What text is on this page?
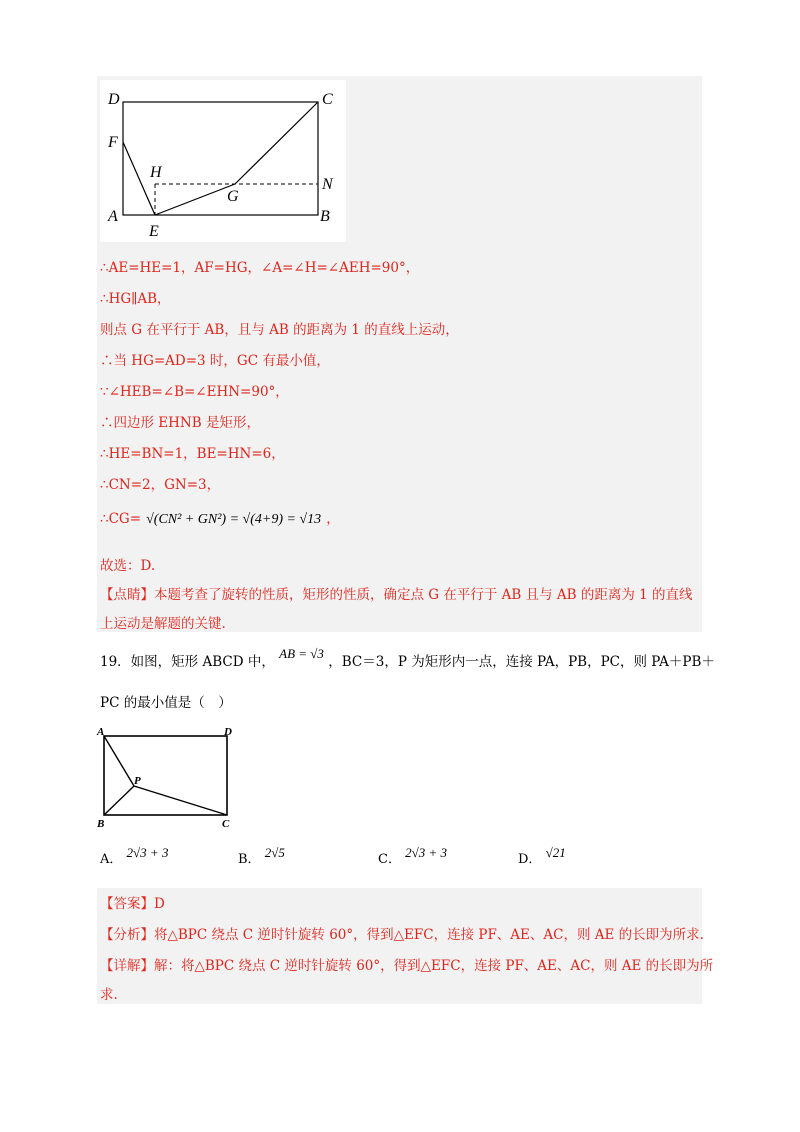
D	C
F
H
N
G
A
E
B
∴AE=HE=1，AF=HG，∠A=∠H=∠AEH=90°，
∴HG∥AB，
则点 G 在平行于 AB，且与 AB 的距离为 1 的直线上运动，
∴当 HG=AD=3 时，GC 有最小值，
∵∠HEB=∠B=∠EHN=90°，
∴四边形 EHNB 是矩形，
∴HE=BN=1，BE=HN=6，
∴CN=2，GN=3，
∴CG= √(CN² + GN²) = √(4+9) = √13 ，
故选：D.
【点睛】本题考查了旋转的性质，矩形的性质，确定点 G 在平行于 AB 且与 AB 的距离为 1 的直线
上运动是解题的关键.
19．如图，矩形 ABCD 中， AB = √3 ，BC＝3，P 为矩形内一点，连接 PA，PB，PC，则 PA＋PB＋
PC 的最小值是（　）
A	D
P
B	C
A． 2√3 + 3	B． 2√5	C． 2√3 + 3	D． √21
【答案】D
【分析】将△BPC 绕点 C 逆时针旋转 60°，得到△EFC，连接 PF、AE、AC，则 AE 的长即为所求.
【详解】解：将△BPC 绕点 C 逆时针旋转 60°，得到△EFC，连接 PF、AE、AC，则 AE 的长即为所
求.
